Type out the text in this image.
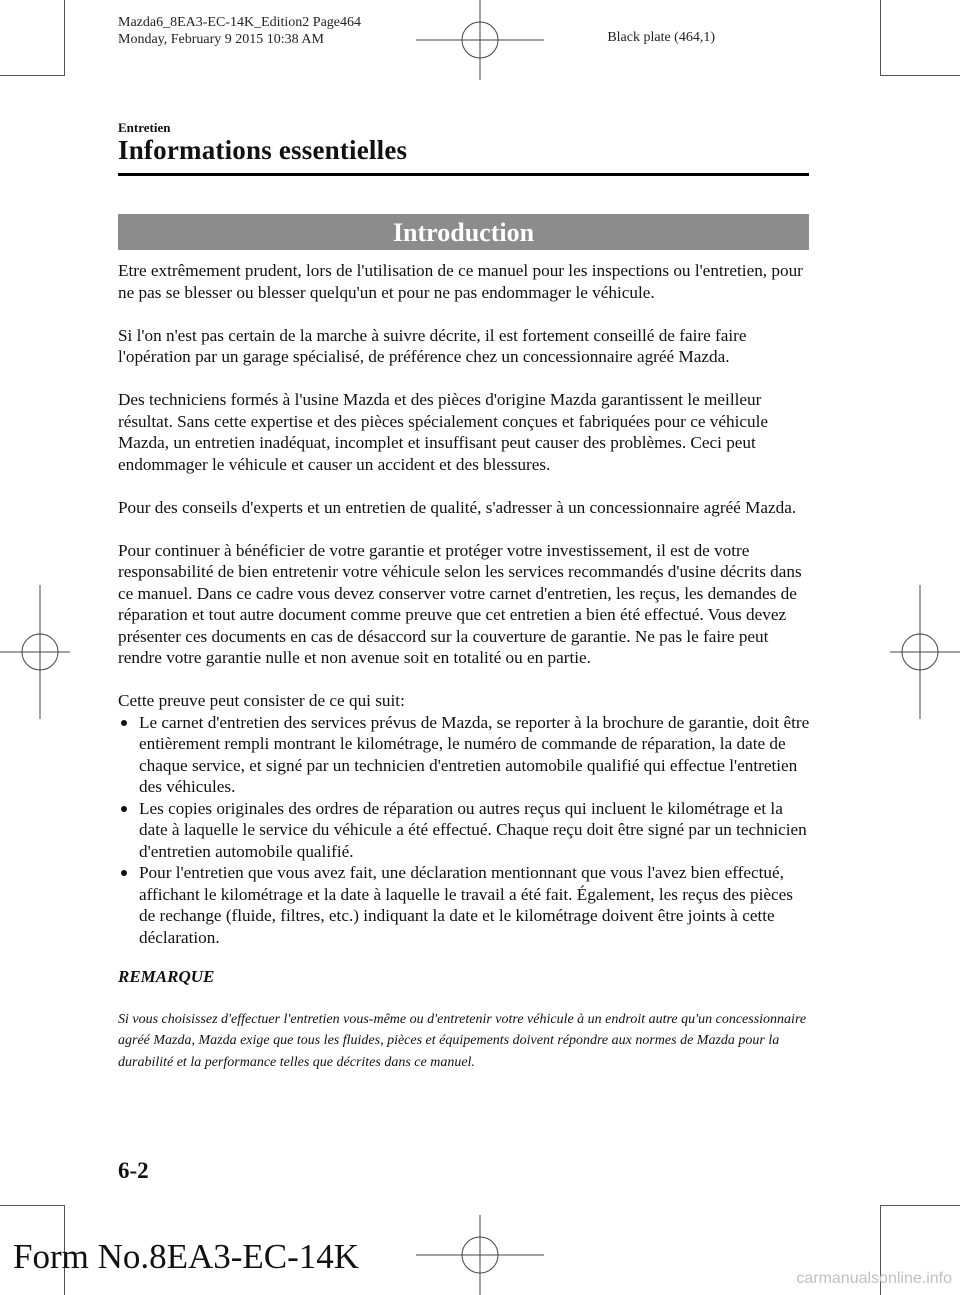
Mazda6_8EA3-EC-14K_Edition2 Page464
Monday, February 9 2015 10:38 AM	Black plate (464,1)
Entretien
Informations essentielles
Introduction

Etre extrêmement prudent, lors de l'utilisation de ce manuel pour les inspections ou l'entretien, pour ne pas se blesser ou blesser quelqu'un et pour ne pas endommager le véhicule.

Si l'on n'est pas certain de la marche à suivre décrite, il est fortement conseillé de faire faire l'opération par un garage spécialisé, de préférence chez un concessionnaire agréé Mazda.

Des techniciens formés à l'usine Mazda et des pièces d'origine Mazda garantissent le meilleur résultat. Sans cette expertise et des pièces spécialement conçues et fabriquées pour ce véhicule Mazda, un entretien inadéquat, incomplet et insuffisant peut causer des problèmes. Ceci peut endommager le véhicule et causer un accident et des blessures.

Pour des conseils d'experts et un entretien de qualité, s'adresser à un concessionnaire agréé Mazda.

Pour continuer à bénéficier de votre garantie et protéger votre investissement, il est de votre responsabilité de bien entretenir votre véhicule selon les services recommandés d'usine décrits dans ce manuel. Dans ce cadre vous devez conserver votre carnet d'entretien, les reçus, les demandes de réparation et tout autre document comme preuve que cet entretien a bien été effectué. Vous devez présenter ces documents en cas de désaccord sur la couverture de garantie. Ne pas le faire peut rendre votre garantie nulle et non avenue soit en totalité ou en partie.

Cette preuve peut consister de ce qui suit:

Le carnet d'entretien des services prévus de Mazda, se reporter à la brochure de garantie, doit être entièrement rempli montrant le kilométrage, le numéro de commande de réparation, la date de chaque service, et signé par un technicien d'entretien automobile qualifié qui effectue l'entretien des véhicules.
Les copies originales des ordres de réparation ou autres reçus qui incluent le kilométrage et la date à laquelle le service du véhicule a été effectué. Chaque reçu doit être signé par un technicien d'entretien automobile qualifié.
Pour l'entretien que vous avez fait, une déclaration mentionnant que vous l'avez bien effectué, affichant le kilométrage et la date à laquelle le travail a été fait. Également, les reçus des pièces de rechange (fluide, filtres, etc.) indiquant la date et le kilométrage doivent être joints à cette déclaration.

REMARQUE

Si vous choisissez d'effectuer l'entretien vous-même ou d'entretenir votre véhicule à un endroit autre qu'un concessionnaire agréé Mazda, Mazda exige que tous les fluides, pièces et équipements doivent répondre aux normes de Mazda pour la durabilité et la performance telles que décrites dans ce manuel.

6-2
Form No.8EA3-EC-14K
carmanualsonline.info
